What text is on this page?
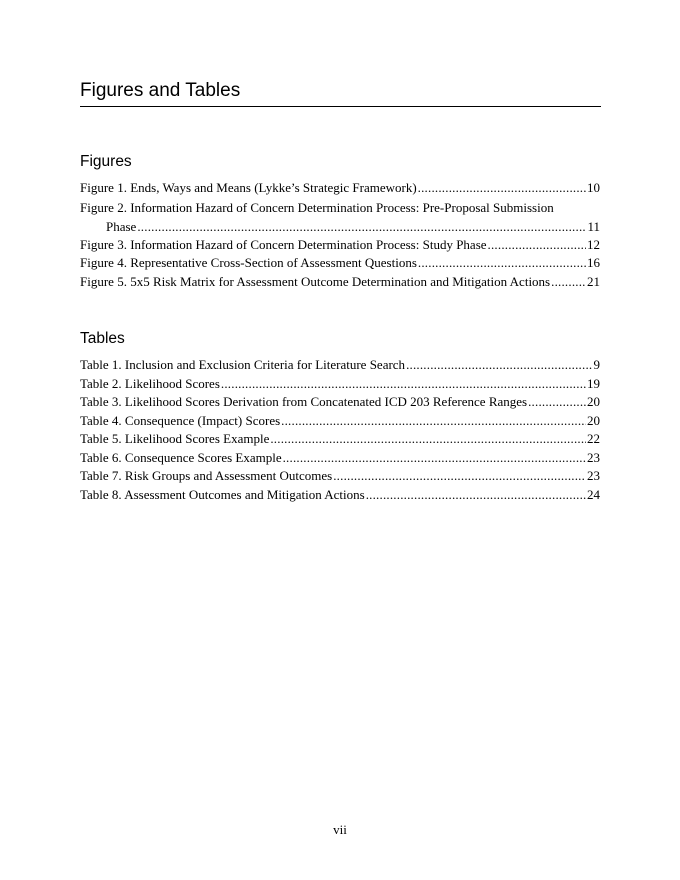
Figures and Tables
Figures
Figure 1. Ends, Ways and Means (Lykke’s Strategic Framework) .....	10
Figure 2. Information Hazard of Concern Determination Process: Pre-Proposal Submission
Phase .....	11
Figure 3. Information Hazard of Concern Determination Process: Study Phase .....	12
Figure 4. Representative Cross-Section of Assessment Questions .....	16
Figure 5. 5x5 Risk Matrix for Assessment Outcome Determination and Mitigation Actions .....	21
Tables
Table 1. Inclusion and Exclusion Criteria for Literature Search .....	9
Table 2. Likelihood Scores .....	19
Table 3. Likelihood Scores Derivation from Concatenated ICD 203 Reference Ranges .....	20
Table 4. Consequence (Impact) Scores .....	20
Table 5. Likelihood Scores Example .....	22
Table 6. Consequence Scores Example .....	23
Table 7. Risk Groups and Assessment Outcomes .....	23
Table 8. Assessment Outcomes and Mitigation Actions .....	24
vii
